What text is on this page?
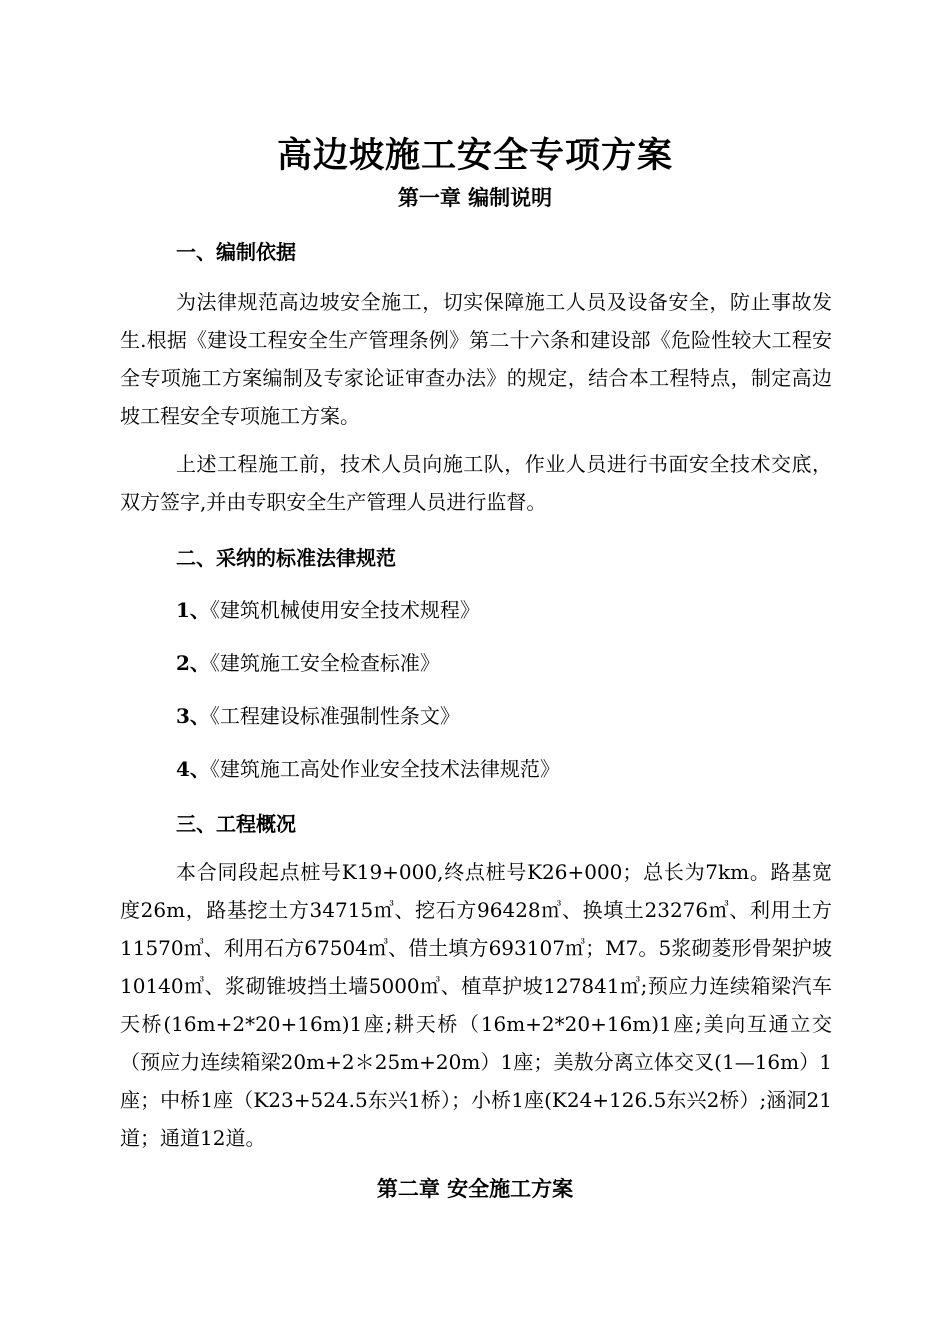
高边坡施工安全专项方案
第一章 编制说明
一、编制依据

为法律规范高边坡安全施工，切实保障施工人员及设备安全，防止事故发生.根据《建设工程安全生产管理条例》第二十六条和建设部《危险性较大工程安全专项施工方案编制及专家论证审查办法》的规定，结合本工程特点，制定高边坡工程安全专项施工方案。

上述工程施工前，技术人员向施工队，作业人员进行书面安全技术交底，双方签字,并由专职安全生产管理人员进行监督。

二、采纳的标准法律规范

1、《建筑机械使用安全技术规程》

2、《建筑施工安全检查标准》

3、《工程建设标准强制性条文》

4、《建筑施工高处作业安全技术法律规范》

三、工程概况

本合同段起点桩号K19+000,终点桩号K26+000；总长为7km。路基宽度26m，路基挖土方34715㎥、挖石方96428㎥、换填土23276㎥、利用土方11570㎥、利用石方67504㎥、借土填方693107㎥；M7。5浆砌菱形骨架护坡10140㎥、浆砌锥坡挡土墙5000㎥、植草护坡127841㎥;预应力连续箱梁汽车天桥(16m+2*20+16m)1座;耕天桥（16m+2*20+16m)1座;美向互通立交（预应力连续箱梁20m+2＊25m+20m）1座；美敖分离立体交叉(1—16m）1座；中桥1座（K23+524.5东兴1桥）；小桥1座(K24+126.5东兴2桥）;涵洞21道；通道12道。

第二章 安全施工方案
